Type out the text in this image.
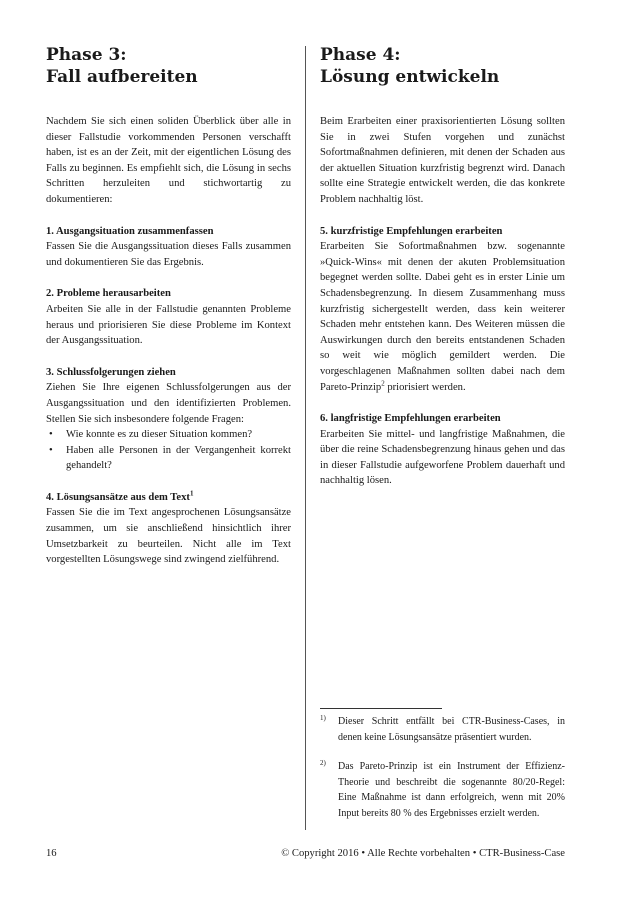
Phase 3:
Fall aufbereiten

Nachdem Sie sich einen soliden Überblick über alle in dieser Fallstudie vorkommenden Personen verschafft haben, ist es an der Zeit, mit der eigentlichen Lösung des Falls zu beginnen. Es empfiehlt sich, die Lösung in sechs Schritten herzuleiten und stichwortartig zu dokumentieren:

1. Ausgangsituation zusammenfassen

Fassen Sie die Ausgangssituation dieses Falls zusammen und dokumentieren Sie das Ergebnis.

2. Probleme herausarbeiten

Arbeiten Sie alle in der Fallstudie genannten Probleme heraus und priorisieren Sie diese Probleme im Kontext der Ausgangssituation.

3. Schlussfolgerungen ziehen

Ziehen Sie Ihre eigenen Schlussfolgerungen aus der Ausgangssituation und den identifizierten Problemen. Stellen Sie sich insbesondere folgende Fragen:

• Wie konnte es zu dieser Situation kommen?
• Haben alle Personen in der Vergangenheit korrekt gehandelt?
4. Lösungsansätze aus dem Text$^1$

Fassen Sie die im Text angesprochenen Lösungsansätze zusammen, um sie anschließend hinsichtlich ihrer Umsetzbarkeit zu beurteilen. Nicht alle im Text vorgestellten Lösungswege sind zwingend zielführend.

Phase 4:
Lösung entwickeln

Beim Erarbeiten einer praxisorientierten Lösung sollten Sie in zwei Stufen vorgehen und zunächst Sofortmaßnahmen definieren, mit denen der Schaden aus der aktuellen Situation kurzfristig begrenzt wird. Danach sollte eine Strategie entwickelt werden, die das konkrete Problem nachhaltig löst.

5. kurzfristige Empfehlungen erarbeiten

Erarbeiten Sie Sofortmaßnahmen bzw. sogenannte »Quick-Wins« mit denen der akuten Problemsituation begegnet werden sollte. Dabei geht es in erster Linie um Schadensbegrenzung. In diesem Zusammenhang muss kurzfristig sichergestellt werden, dass kein weiterer Schaden mehr entstehen kann. Des Weiteren müssen die Auswirkungen durch den bereits entstandenen Schaden so weit wie möglich gemildert werden. Die vorgeschlagenen Maßnahmen sollten dabei nach dem Pareto-Prinzip$^2$ priorisiert werden.

6. langfristige Empfehlungen erarbeiten

Erarbeiten Sie mittel- und langfristige Maßnahmen, die über die reine Schadensbegrenzung hinaus gehen und das in dieser Fallstudie aufgeworfene Problem dauerhaft und nachhaltig lösen.

1) Dieser Schritt entfällt bei CTR-Business-Cases, in denen keine Lösungsansätze präsentiert wurden.

2) Das Pareto-Prinzip ist ein Instrument der Effizienz-Theorie und beschreibt die sogenannte 80/20-Regel: Eine Maßnahme ist dann erfolgreich, wenn mit 20% Input bereits 80 % des Ergebnisses erzielt werden.

16	© Copyright 2016 • Alle Rechte vorbehalten • CTR-Business-Case
